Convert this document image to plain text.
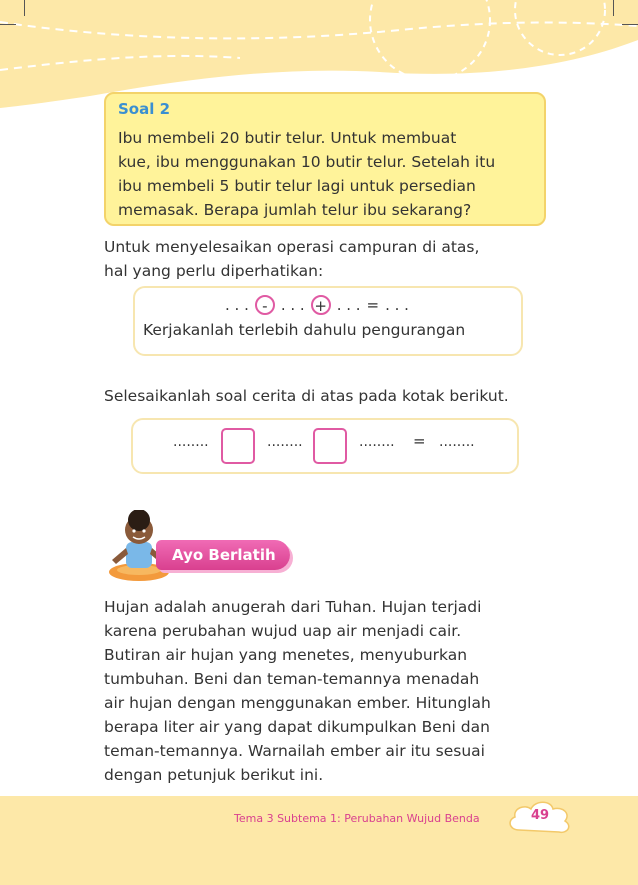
Soal 2
Ibu membeli 20 butir telur. Untuk membuat
kue, ibu menggunakan 10 butir telur. Setelah itu
ibu membeli 5 butir telur lagi untuk persedian
memasak. Berapa jumlah telur ibu sekarang?
Untuk menyelesaikan operasi campuran di atas,
hal yang perlu diperhatikan:
. . . - . . . + . . . = . . .
Kerjakanlah terlebih dahulu pengurangan
Selesaikanlah soal cerita di atas pada kotak berikut.
........	........	........ = ........
Ayo Berlatih
Hujan adalah anugerah dari Tuhan. Hujan terjadi
karena perubahan wujud uap air menjadi cair.
Butiran air hujan yang menetes, menyuburkan
tumbuhan. Beni dan teman-temannya menadah
air hujan dengan menggunakan ember. Hitunglah
berapa liter air yang dapat dikumpulkan Beni dan
teman-temannya. Warnailah ember air itu sesuai
dengan petunjuk berikut ini.
Tema 3 Subtema 1: Perubahan Wujud Benda	49
